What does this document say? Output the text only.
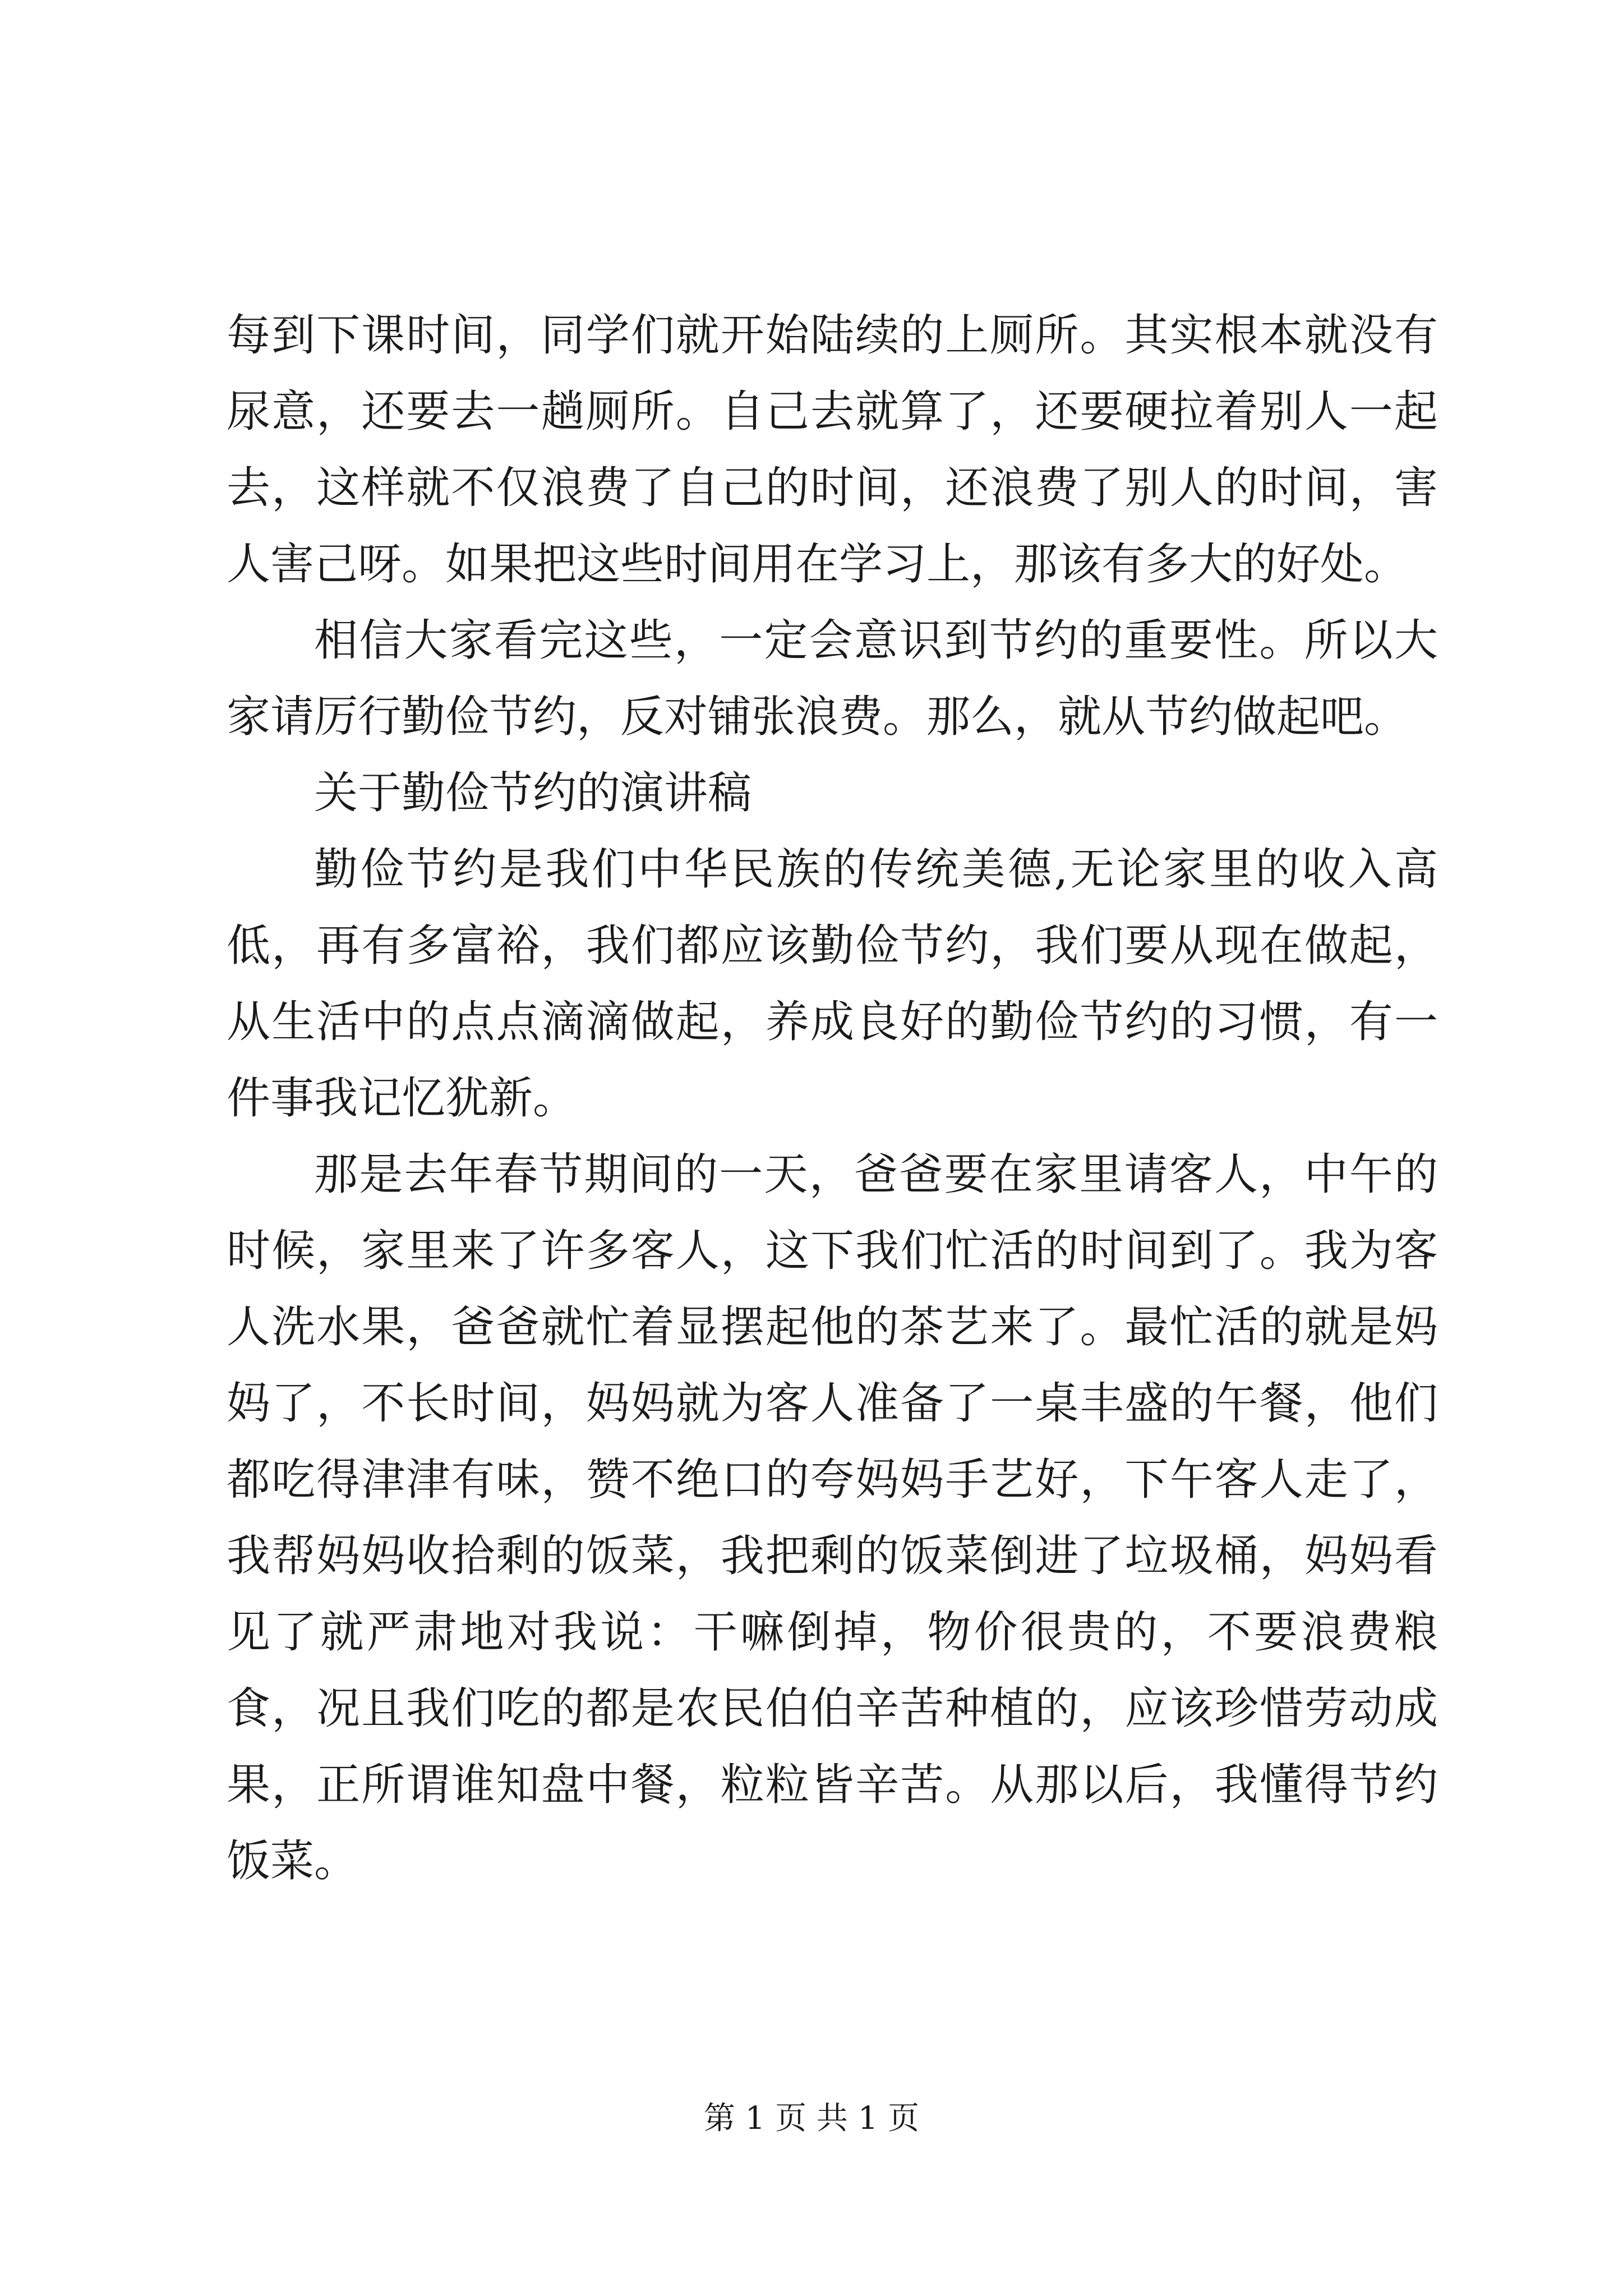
每到下课时间，同学们就开始陆续的上厕所。其实根本就没有尿意，还要去一趟厕所。自己去就算了，还要硬拉着别人一起去，这样就不仅浪费了自己的时间，还浪费了别人的时间，害人害己呀。如果把这些时间用在学习上，那该有多大的好处。

相信大家看完这些，一定会意识到节约的重要性。所以大家请厉行勤俭节约，反对铺张浪费。那么，就从节约做起吧。

关于勤俭节约的演讲稿

勤俭节约是我们中华民族的传统美德,无论家里的收入高低，再有多富裕，我们都应该勤俭节约，我们要从现在做起，从生活中的点点滴滴做起，养成良好的勤俭节约的习惯，有一件事我记忆犹新。

那是去年春节期间的一天，爸爸要在家里请客人，中午的时候，家里来了许多客人，这下我们忙活的时间到了。我为客人洗水果，爸爸就忙着显摆起他的茶艺来了。最忙活的就是妈妈了，不长时间，妈妈就为客人准备了一桌丰盛的午餐，他们都吃得津津有味，赞不绝口的夸妈妈手艺好，下午客人走了，我帮妈妈收拾剩的饭菜，我把剩的饭菜倒进了垃圾桶，妈妈看见了就严肃地对我说：干嘛倒掉，物价很贵的，不要浪费粮食，况且我们吃的都是农民伯伯辛苦种植的，应该珍惜劳动成果，正所谓谁知盘中餐，粒粒皆辛苦。从那以后，我懂得节约饭菜。

第 1 页 共 1 页
